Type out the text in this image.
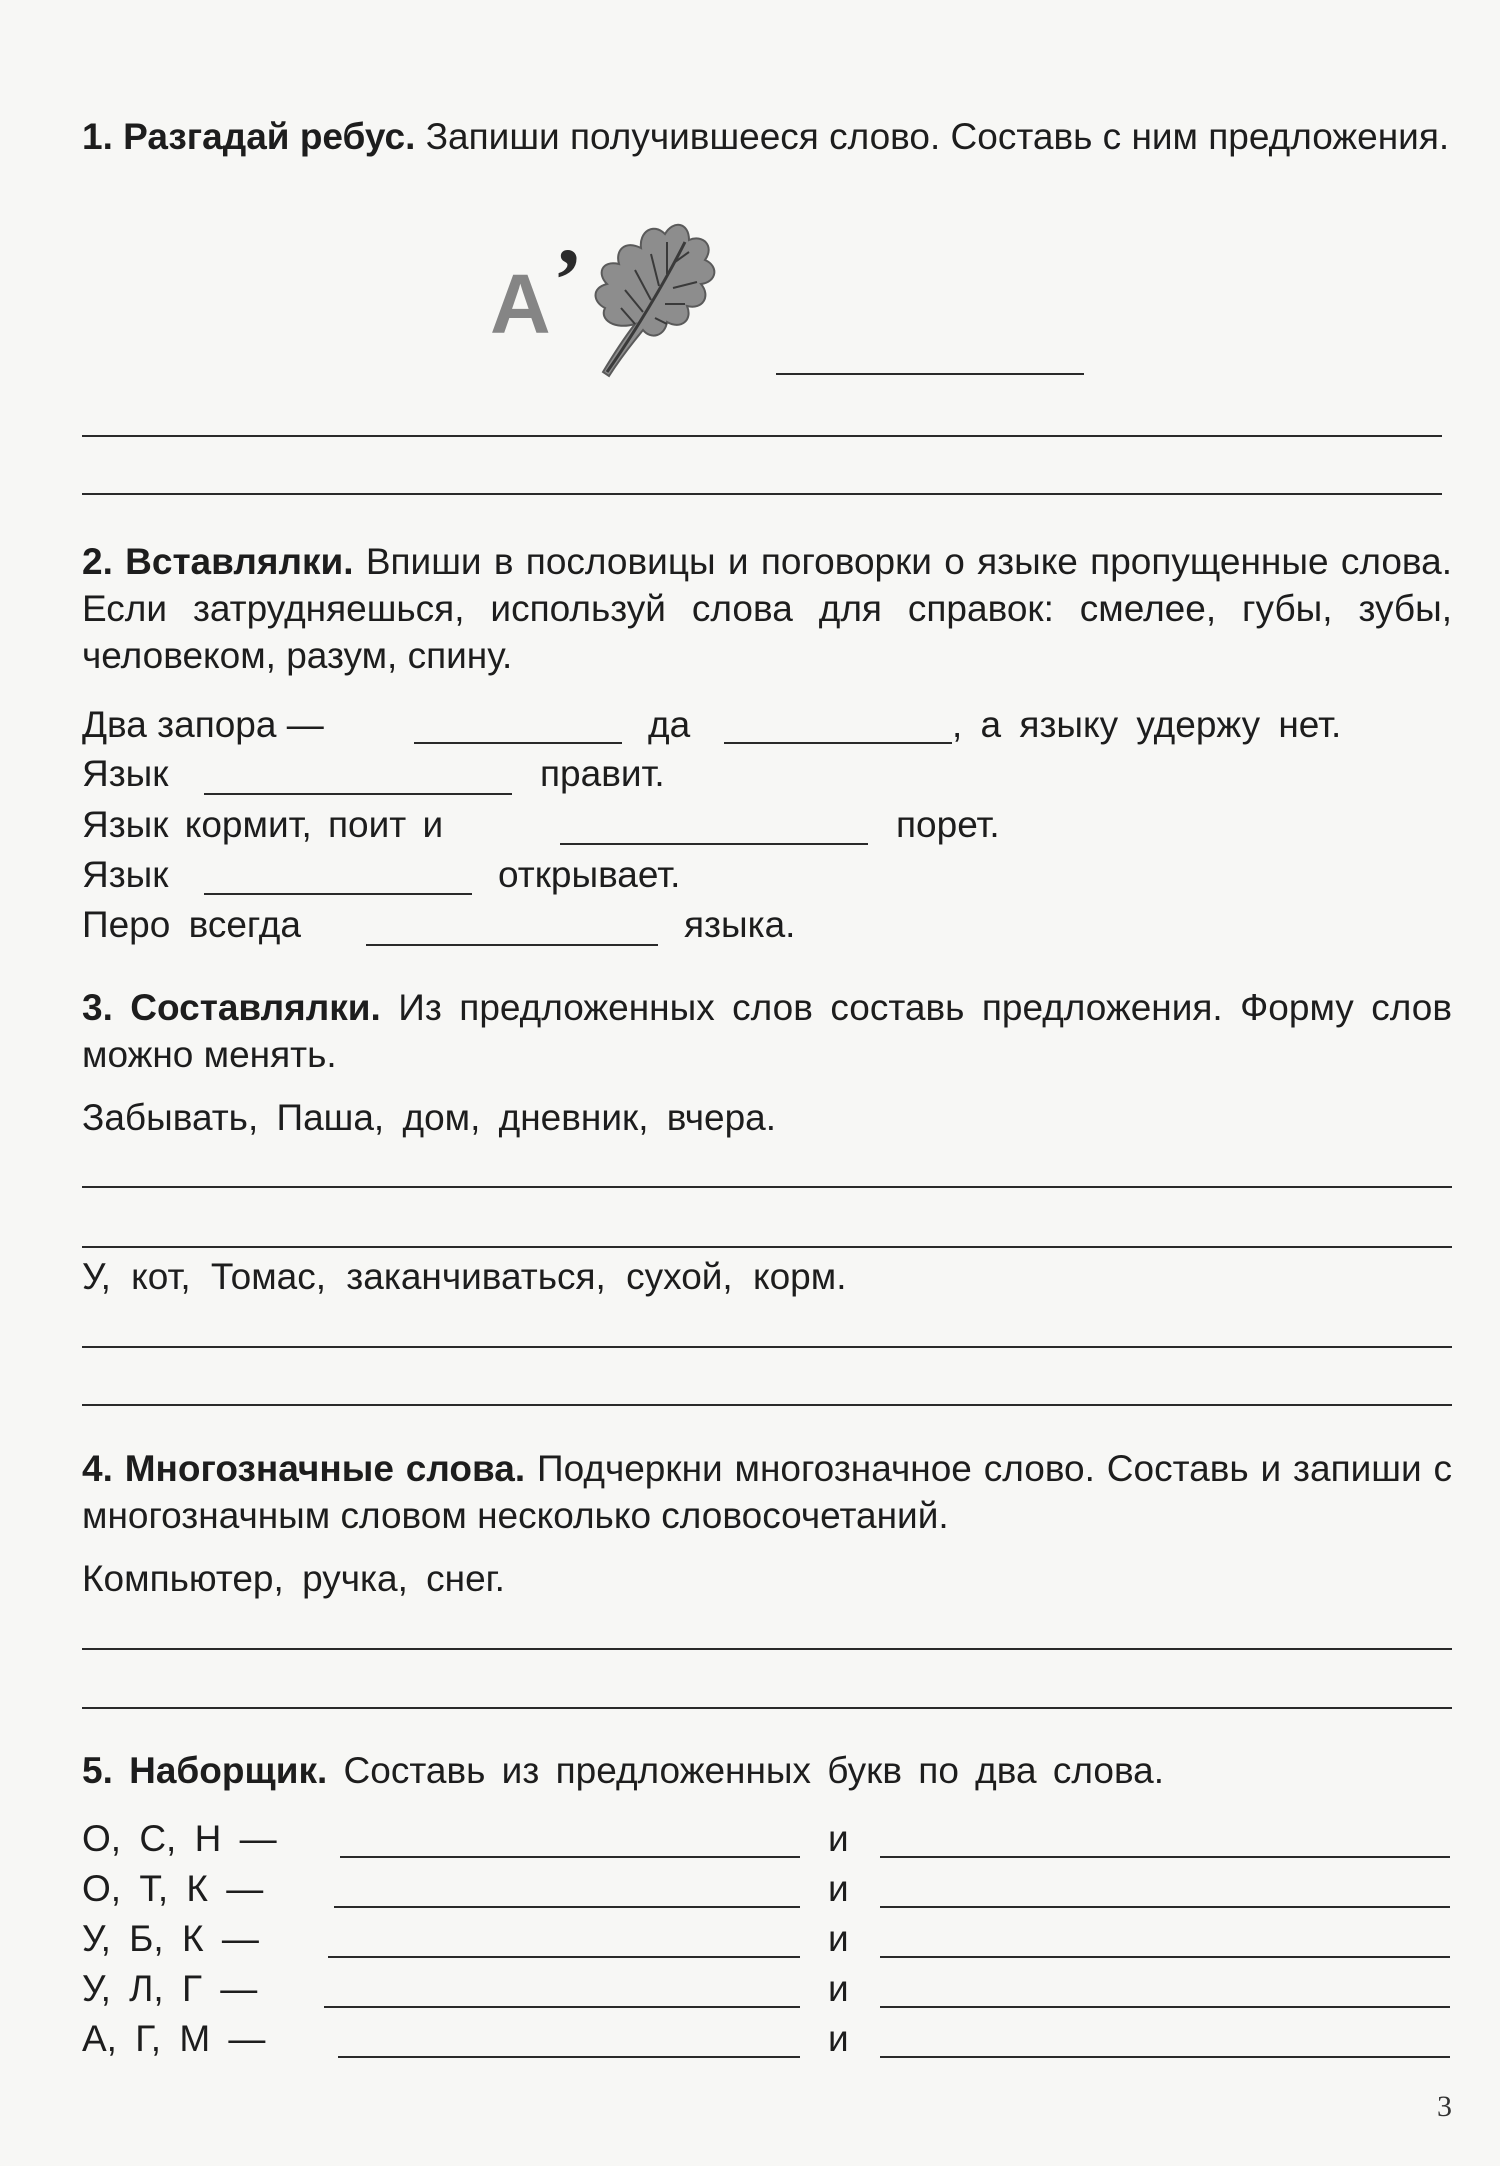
1. Разгадай ребус. Запиши получившееся слово. Составь с ним предложения.

А ’

2. Вставлялки. Впиши в пословицы и поговорки о языке пропущенные слова. Если затрудняешься, используй слова для справок: смелее, губы, зубы, человеком, разум, спину.

Два запора —	да	, а языку удержу нет.
Язык	правит.
Язык кормит, поит и	порет.
Язык	открывает.
Перо всегда	языка.

3. Составлялки. Из предложенных слов составь предложения. Форму слов можно менять.

Забывать, Паша, дом, дневник, вчера.
У, кот, Томас, заканчиваться, сухой, корм.

4. Многозначные слова. Подчеркни многозначное слово. Составь и запиши с многозначным словом несколько словосочетаний.

Компьютер, ручка, снег.

5. Наборщик. Составь из предложенных букв по два слова.

О, С, Н —	и
О, Т, К —	и
У, Б, К —	и
У, Л, Г —	и
А, Г, М —	и
3
